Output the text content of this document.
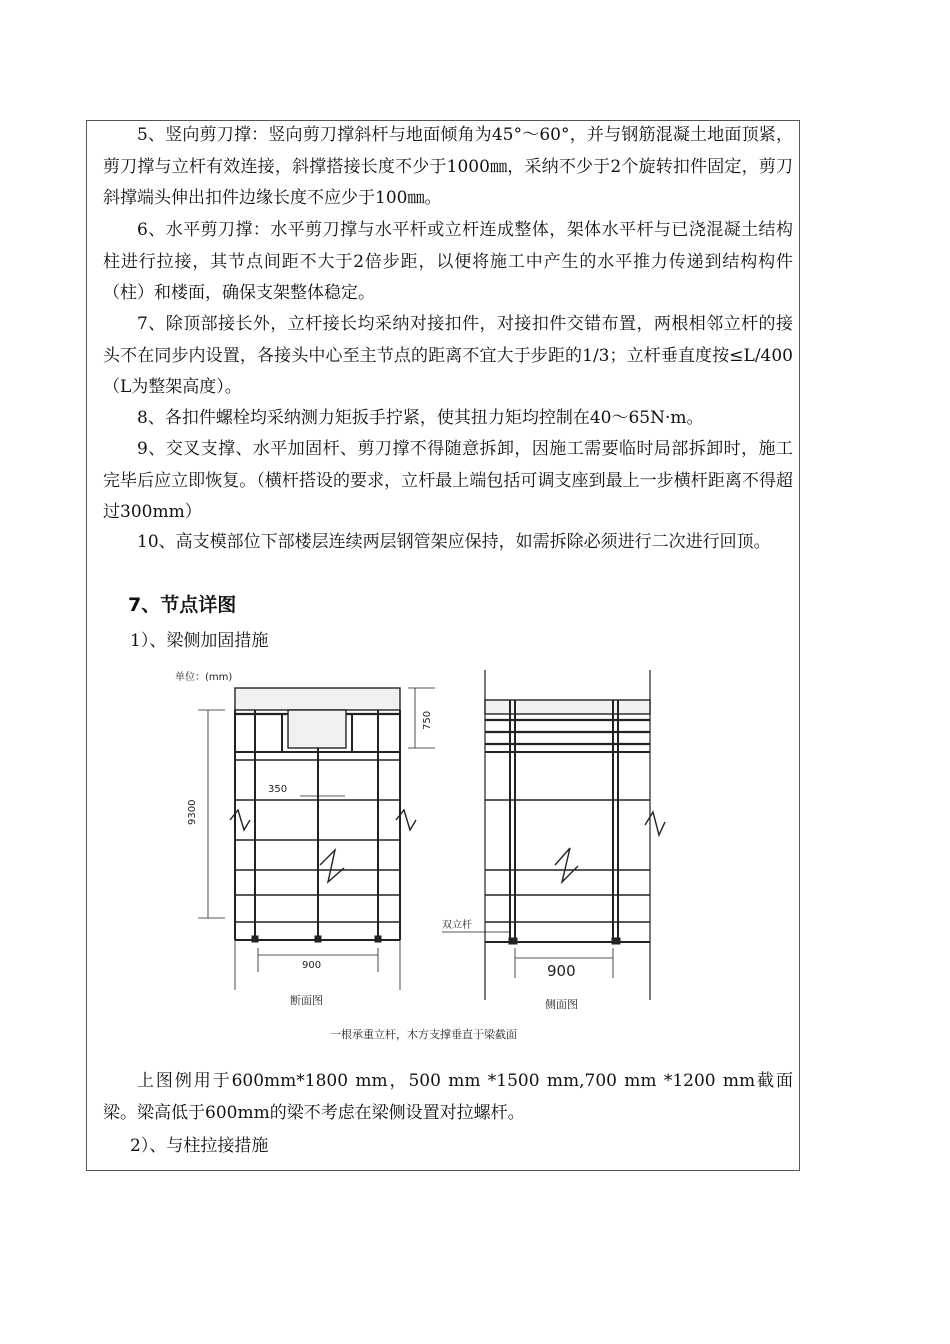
5、竖向剪刀撑：竖向剪刀撑斜杆与地面倾角为45°～60°，并与钢筋混凝土地面顶紧，剪刀撑与立杆有效连接，斜撑搭接长度不少于1000㎜，采纳不少于2个旋转扣件固定，剪刀斜撑端头伸出扣件边缘长度不应少于100㎜。

6、水平剪刀撑：水平剪刀撑与水平杆或立杆连成整体，架体水平杆与已浇混凝土结构柱进行拉接，其节点间距不大于2倍步距，以便将施工中产生的水平推力传递到结构构件（柱）和楼面，确保支架整体稳定。

7、除顶部接长外，立杆接长均采纳对接扣件，对接扣件交错布置，两根相邻立杆的接头不在同步内设置，各接头中心至主节点的距离不宜大于步距的1/3；立杆垂直度按≤L/400（L为整架高度）。

8、各扣件螺栓均采纳测力矩扳手拧紧，使其扭力矩均控制在40～65N·m。

9、交叉支撑、水平加固杆、剪刀撑不得随意拆卸，因施工需要临时局部拆卸时，施工完毕后应立即恢复。（横杆搭设的要求，立杆最上端包括可调支座到最上一步横杆距离不得超过300mm）

10、高支模部位下部楼层连续两层钢管架应保持，如需拆除必须进行二次进行回顶。

7、节点详图

1）、梁侧加固措施

单位：(mm)
9300
750
350
900
断面图
双立杆
900
侧面图
一根承重立杆，木方支撑垂直于梁截面

上图例用于600mm*1800 mm，500 mm *1500 mm,700 mm *1200 mm截面梁。梁高低于600mm的梁不考虑在梁侧设置对拉螺杆。

2）、与柱拉接措施
